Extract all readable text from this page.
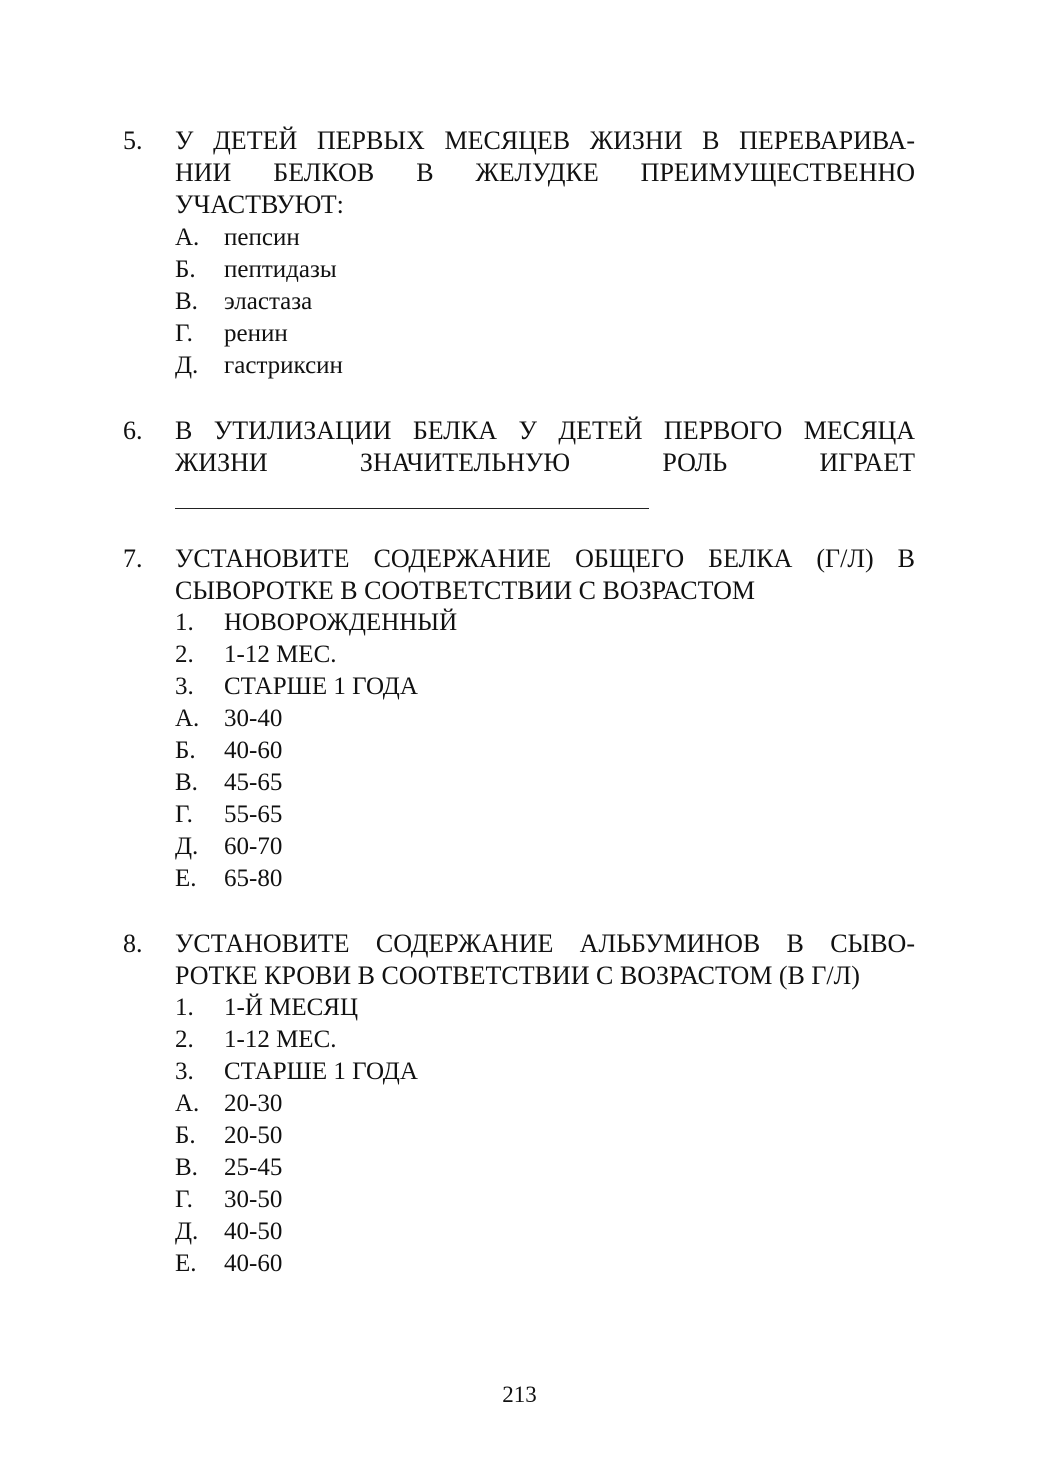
5. У ДЕТЕЙ ПЕРВЫХ МЕСЯЦЕВ ЖИЗНИ В ПЕРЕВАРИВА-
НИИ БЕЛКОВ В ЖЕЛУДКЕ ПРЕИМУЩЕСТВЕННО
УЧАСТВУЮТ:
А. пепсин
Б. пептидазы
В. эластаза
Г. ренин
Д. гастриксин
6. В УТИЛИЗАЦИИ БЕЛКА У ДЕТЕЙ ПЕРВОГО МЕСЯЦА
ЖИЗНИ ЗНАЧИТЕЛЬНУЮ РОЛЬ ИГРАЕТ
7. УСТАНОВИТЕ СОДЕРЖАНИЕ ОБЩЕГО БЕЛКА (Г/Л) В
СЫВОРОТКЕ В СООТВЕТСТВИИ С ВОЗРАСТОМ
1. НОВОРОЖДЕННЫЙ
2. 1-12 МЕС.
3. СТАРШЕ 1 ГОДА
А. 30-40
Б. 40-60
В. 45-65
Г. 55-65
Д. 60-70
Е. 65-80
8. УСТАНОВИТЕ СОДЕРЖАНИЕ АЛЬБУМИНОВ В СЫВО-
РОТКЕ КРОВИ В СООТВЕТСТВИИ С ВОЗРАСТОМ (В Г/Л)
1. 1-Й МЕСЯЦ
2. 1-12 МЕС.
3. СТАРШЕ 1 ГОДА
А. 20-30
Б. 20-50
В. 25-45
Г. 30-50
Д. 40-50
Е. 40-60
213
